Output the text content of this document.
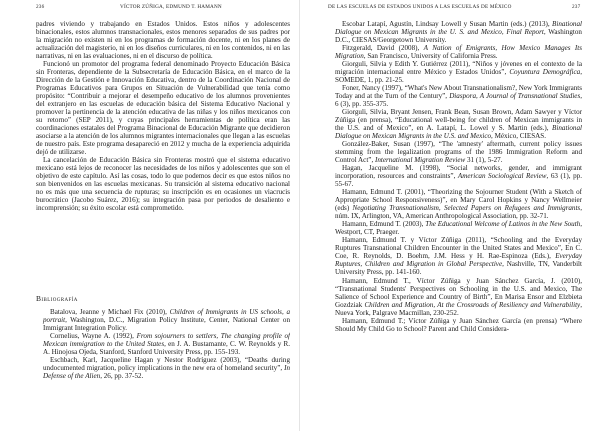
236	VÍCTOR ZÚÑIGA, EDMUND T. HAMANN

padres viviendo y trabajando en Estados Unidos. Estos niños y adolescentes binacionales, estos alumnos transnacionales, estos menores separados de sus padres por la migración no existen ni en los programas de formación docente, ni en los planes de actualización del magisterio, ni en los diseños curriculares, ni en los contenidos, ni en las narrativas, ni en las evaluaciones, ni en el discurso de política.

Funcionó un promotor del programa federal denominado Proyecto Educación Básica sin Fronteras, dependiente de la Subsecretaría de Educación Básica, en el marco de la Dirección de la Gestión e Innovación Educativa, dentro de la Coordinación Nacional de Programas Educativos para Grupos en Situación de Vulnerabilidad que tenía como propósito: “Contribuir a mejorar el desempeño educativo de los alumnos provenientes del extranjero en las escuelas de educación básica del Sistema Educativo Nacional y promover la pertinencia de la atención educativa de las niñas y los niños mexicanos con su retorno” (SEP 2011), y cuyas principales herramientas de política eran las coordinaciones estatales del Programa Binacional de Educación Migrante que decidieron asociarse a la atención de los alumnos migrantes internacionales que llegan a las escuelas de nuestro país. Este programa desapareció en 2012 y mucha de la experiencia adquirida dejó de utilizarse.

La cancelación de Educación Básica sin Fronteras mostró que el sistema educativo mexicano está lejos de reconocer las necesidades de los niños y adolescentes que son el objetivo de este capítulo. Así las cosas, todo lo que podemos decir es que estos niños no son bienvenidos en las escuelas mexicanas. Su transición al sistema educativo nacional no es más que una secuencia de rupturas; su inscripción es en ocasiones un viacrucis burocrático (Jacobo Suárez, 2016); su integración pasa por periodos de desaliento e incomprensión; su éxito escolar está comprometido.

Bibliografía

Batalova, Jeanne y Michael Fix (2010), Children of Immigrants in US schools, a portrait, Washington, D.C., Migration Policy Institute, Center, National Center on Immigrant Integration Policy.

Cornelius, Wayne A. (1992), From sojourners to settlers, The changing profile of Mexican immigration to the United States, en J. A. Bustamante, C. W. Reynolds y R. A. Hinojosa Ojeda, Stanford, Stanford University Press, pp. 155-193.

Eschbach, Karl, Jacqueline Hagan y Nestor Rodríguez (2003), “Deaths during undocumented migration, policy implications in the new era of homeland security”, In Defense of the Alien, 26, pp. 37-52.

DE LAS ESCUELAS DE ESTADOS UNIDOS A LAS ESCUELAS DE MÉXICO	237

Escobar Latapí, Agustín, Lindsay Lowell y Susan Martin (eds.) (2013), Binational Dialogue on Mexican Migrants in the U. S. and Mexico, Final Report, Washington D.C., CIESAS/Georgetown University.

Fitzgerald, David (2008), A Nation of Emigrants, How Mexico Manages Its Migration, San Francisco, University of California Press.

Giorguli, Silvia y Edith Y. Gutiérrez (2011), “Niños y jóvenes en el contexto de la migración internacional entre México y Estados Unidos”, Coyuntura Demográfica, SOMEDE, 1, pp. 21-25.

Foner, Nancy (1997), “What's New About Transnationalism?, New York Immigrants Today and at the Turn of the Century”, Diaspora, A Journal of Transnational Studies, 6 (3), pp. 355-375.

Giorguli, Silvia, Bryant Jensen, Frank Bean, Susan Brown, Adam Sawyer y Víctor Zúñiga (en prensa), “Educational well-being for children of Mexican immigrants in the U.S. and of Mexico”, en A. Latapí, L. Lowel y S. Martin (eds.), Binational Dialogue on Mexican Migrants in the U.S. and Mexico, México, CIESAS.

González-Baker, Susan (1997), “The 'amnesty' aftermath, current policy issues stemming from the legalization programs of the 1986 Immigration Reform and Control Act”, International Migration Review 31 (1), 5-27.

Hagan, Jacqueline M. (1998), “Social networks, gender, and immigrant incorporation, resources and constraints”, American Sociological Review, 63 (1), pp. 55-67.

Hamann, Edmund T. (2001), “Theorizing the Sojourner Student (With a Sketch of Appropriate School Responsiveness)”, en Mary Carol Hopkins y Nancy Wellmeier (eds) Negotiating Transnationalism, Selected Papers on Refugees and Immigrants, núm. IX, Arlington, VA, American Anthropological Association, pp. 32-71.

Hamann, Edmund T. (2003), The Educational Welcome of Latinos in the New South, Westport, CT, Praeger.

Hamann, Edmund T. y Víctor Zúñiga (2011), “Schooling and the Everyday Ruptures Transnational Children Encounter in the United States and Mexico”, En C. Coe, R. Reynolds, D. Boehm, J.M. Hess y H. Rae-Espinoza (Eds.), Everyday Ruptures, Children and Migration in Global Perspective, Nashville, TN, Vanderbilt University Press, pp. 141-160.

Hamann, Edmund T., Víctor Zúñiga y Juan Sánchez García, J. (2010), “Transnational Students' Perspectives on Schooling in the U.S. and Mexico, The Salience of School Experience and Country of Birth”, En Marisa Ensor and Elzbieta Gozdziak Children and Migration, At the Crossroads of Resiliency and Vulnerability, Nueva York, Palgrave Macmillan, 230-252.

Hamann, Edmund T.; Víctor Zúñiga y Juan Sánchez García (en prensa) “Where Should My Child Go to School? Parent and Child Considera-
